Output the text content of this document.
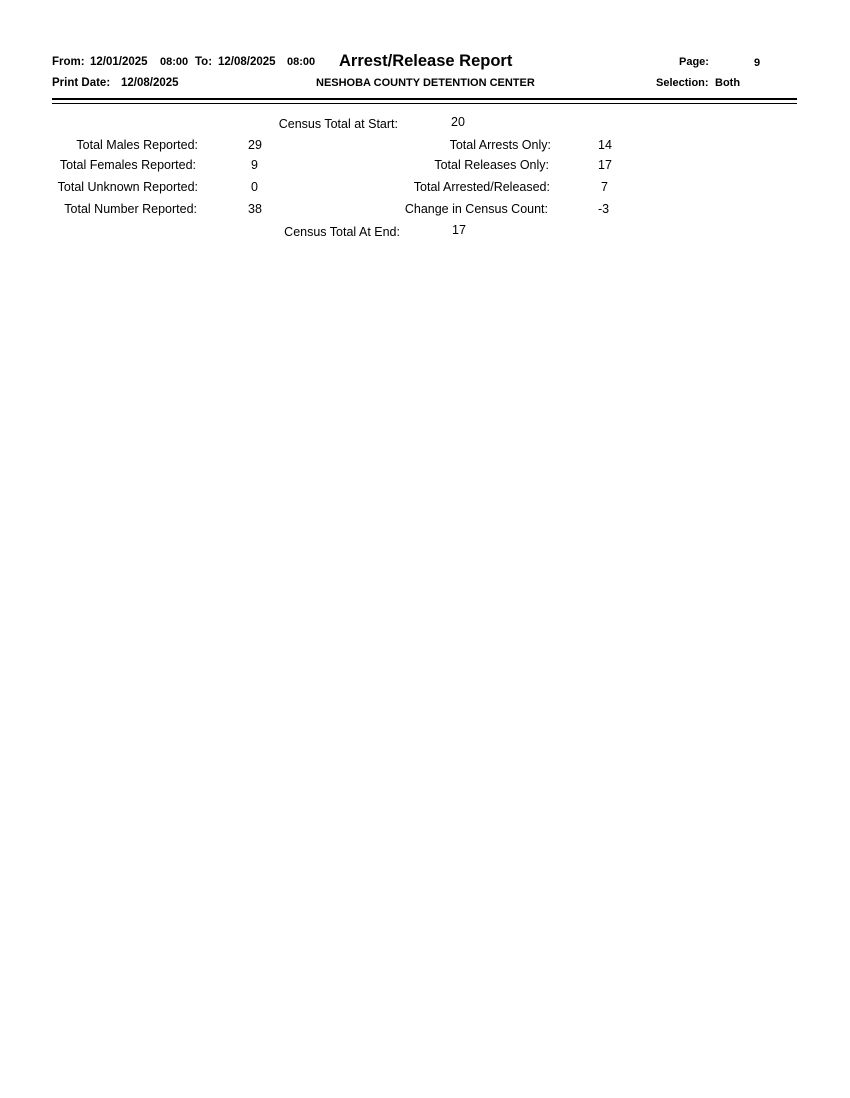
From: 12/01/2025 08:00 To: 12/08/2025 08:00 Arrest/Release Report	Page:	9
Print Date: 12/08/2025	NESHOBA COUNTY DETENTION CENTER	Selection: Both
Census Total at Start:	20
Total Males Reported:	29
Total Females Reported:	9
Total Unknown Reported:	0
Total Number Reported:	38
Total Arrests Only:	14
Total Releases Only:	17
Total Arrested/Released:	7
Change in Census Count:	-3
Census Total At End:	17
